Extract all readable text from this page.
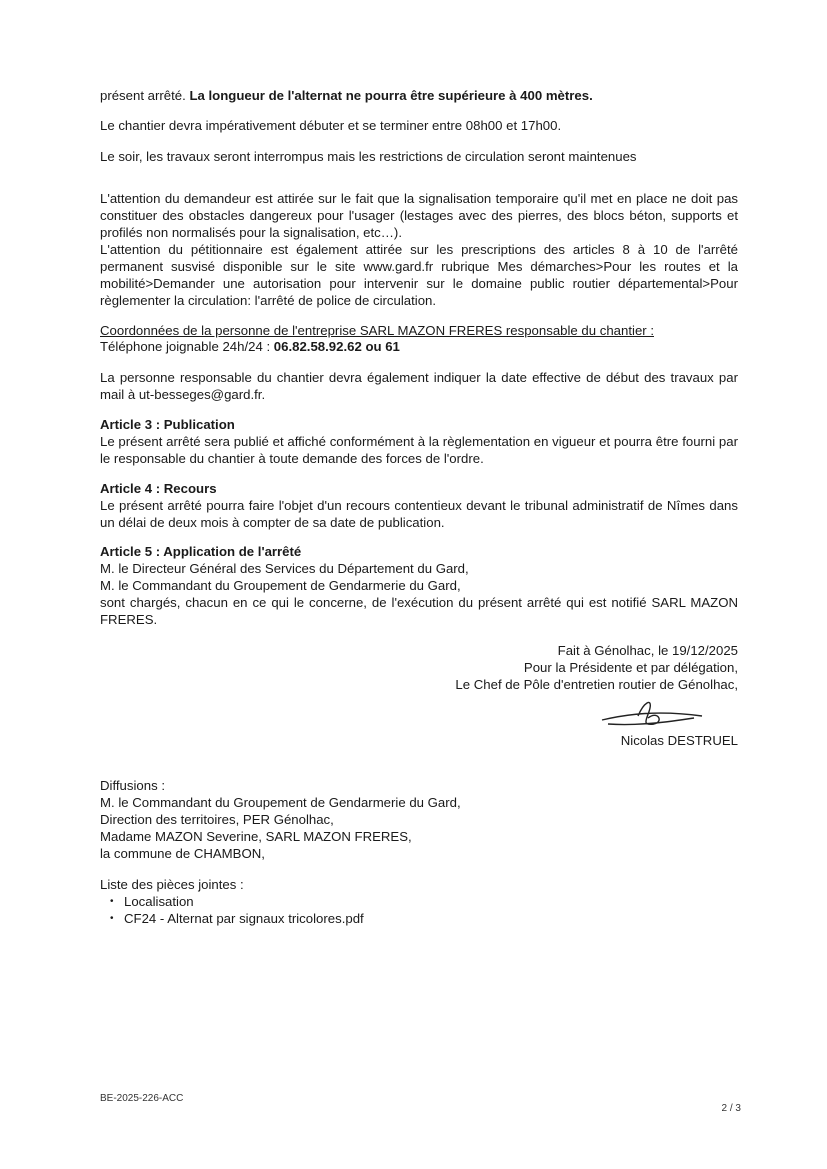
présent arrêté. La longueur de l'alternat ne pourra être supérieure à 400 mètres.
Le chantier devra impérativement débuter et se terminer entre 08h00 et 17h00.
Le soir, les travaux seront interrompus mais les restrictions de circulation seront maintenues
L'attention du demandeur est attirée sur le fait que la signalisation temporaire qu'il met en place ne doit pas constituer des obstacles dangereux pour l'usager (lestages avec des pierres, des blocs béton, supports et profilés non normalisés pour la signalisation, etc…).
L'attention du pétitionnaire est également attirée sur les prescriptions des articles 8 à 10 de l'arrêté permanent susvisé disponible sur le site www.gard.fr rubrique Mes démarches>Pour les routes et la mobilité>Demander une autorisation pour intervenir sur le domaine public routier départemental>Pour règlementer la circulation: l'arrêté de police de circulation.
Coordonnées de la personne de l'entreprise SARL MAZON FRERES responsable du chantier :
Téléphone joignable 24h/24 : 06.82.58.92.62 ou 61
La personne responsable du chantier devra également indiquer la date effective de début des travaux par mail à ut-besseges@gard.fr.
Article 3 : Publication
Le présent arrêté sera publié et affiché conformément à la règlementation en vigueur et pourra être fourni par le responsable du chantier à toute demande des forces de l'ordre.
Article 4 : Recours
Le présent arrêté pourra faire l'objet d'un recours contentieux devant le tribunal administratif de Nîmes dans un délai de deux mois à compter de sa date de publication.
Article 5 : Application de l'arrêté
M. le Directeur Général des Services du Département du Gard,
M. le Commandant du Groupement de Gendarmerie du Gard,
sont chargés, chacun en ce qui le concerne, de l'exécution du présent arrêté qui est notifié SARL MAZON FRERES.
Fait à Génolhac, le 19/12/2025
Pour la Présidente et par délégation,
Le Chef de Pôle d'entretien routier de Génolhac,
Nicolas DESTRUEL
Diffusions :
M. le Commandant du Groupement de Gendarmerie du Gard,
Direction des territoires, PER Génolhac,
Madame MAZON Severine, SARL MAZON FRERES,
la commune de CHAMBON,
Liste des pièces jointes :
• Localisation
• CF24 - Alternat par signaux tricolores.pdf
BE-2025-226-ACC
2 / 3
